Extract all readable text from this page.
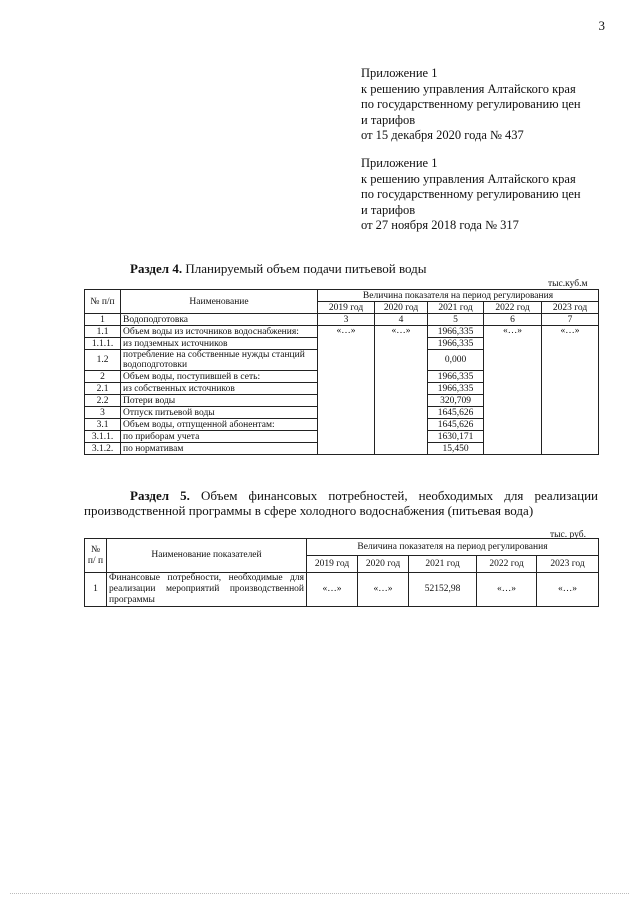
3
Приложение 1
к решению управления Алтайского края
по государственному регулированию цен
и тарифов
от 15 декабря 2020 года № 437
Приложение 1
к решению управления Алтайского края
по государственному регулированию цен
и тарифов
от 27 ноября 2018 года № 317
Раздел 4. Планируемый объем подачи питьевой воды
тыс.куб.м
№ п/п	Наименование	Величина показателя на период регулирования				
		2019 год	2020 год	2021 год	2022 год	2023 год
1	Водоподготовка	3	4	5	6	7
1.1	Объем воды из источников водоснабжения:	«…»	«…»	1966,335	«…»	«…»
1.1.1.	из подземных источников			1966,335		
1.2	потребление на собственные нужды станций водоподготовки			0,000		
2	Объем воды, поступившей в сеть:			1966,335		
2.1	из собственных источников			1966,335		
2.2	Потери воды			320,709		
3	Отпуск питьевой воды			1645,626		
3.1	Объем воды, отпущенной абонентам:			1645,626		
3.1.1.	по приборам учета			1630,171		
3.1.2.	по нормативам			15,450		
Раздел 5. Объем финансовых потребностей, необходимых для реализации
производственной программы в сфере холодного водоснабжения (питьевая вода)
тыс. руб.
№ п/ п	Наименование показателей	Величина показателя на период регулирования				
		2019 год	2020 год	2021 год	2022 год	2023 год
1	Финансовые потребности, необходимые для реализации мероприятий производственной программы	«…»	«…»	52152,98	«…»	«…»
